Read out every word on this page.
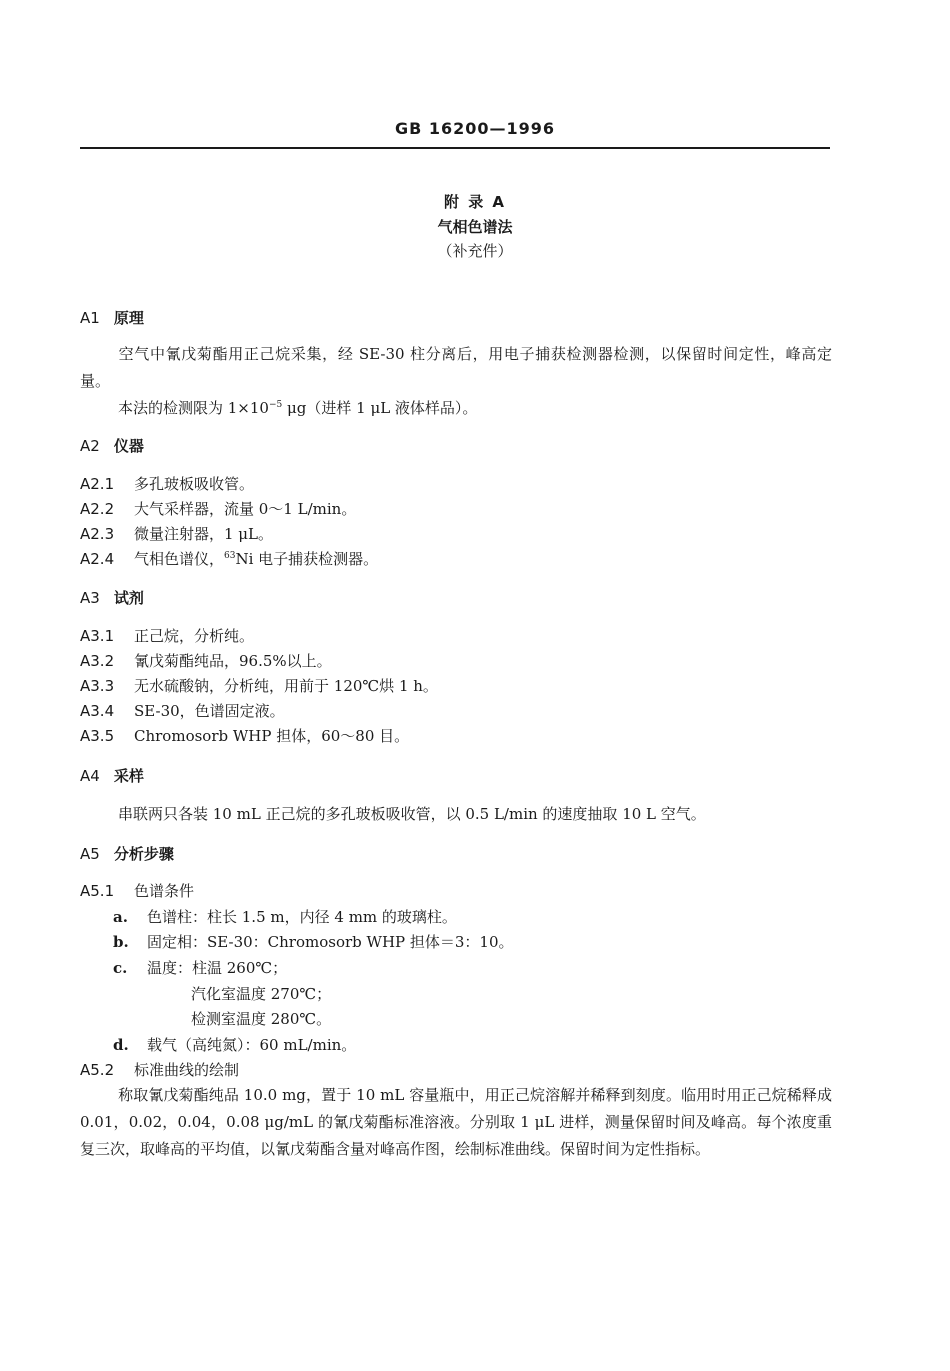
GB 16200—1996
附 录 A
气相色谱法
（补充件）
A1 原理
空气中氰戊菊酯用正己烷采集，经 SE-30 柱分离后，用电子捕获检测器检测，以保留时间定性，峰高定量。
本法的检测限为 $1\times 10^{-5}$ μg（进样 1 μL 液体样品）。
A2 仪器
A2.1 多孔玻板吸收管。
A2.2 大气采样器，流量 0～1 L/min。
A2.3 微量注射器，1 μL。
A2.4 气相色谱仪，$^{63}$Ni 电子捕获检测器。
A3 试剂
A3.1 正己烷，分析纯。
A3.2 氰戊菊酯纯品，96.5%以上。
A3.3 无水硫酸钠，分析纯，用前于 120℃烘 1 h。
A3.4 SE-30，色谱固定液。
A3.5 Chromosorb WHP 担体，60～80 目。
A4 采样
串联两只各装 10 mL 正己烷的多孔玻板吸收管，以 0.5 L/min 的速度抽取 10 L 空气。
A5 分析步骤
A5.1 色谱条件
a. 色谱柱：柱长 1.5 m，内径 4 mm 的玻璃柱。
b. 固定相：SE-30：Chromosorb WHP 担体＝3：10。
c. 温度：柱温 260℃；
汽化室温度 270℃；
检测室温度 280℃。
d. 载气（高纯氮）：60 mL/min。
A5.2 标准曲线的绘制
称取氰戊菊酯纯品 10.0 mg，置于 10 mL 容量瓶中，用正己烷溶解并稀释到刻度。临用时用正己烷稀释成 0.01，0.02，0.04，0.08 μg/mL 的氰戊菊酯标准溶液。分别取 1 μL 进样，测量保留时间及峰高。每个浓度重复三次，取峰高的平均值，以氰戊菊酯含量对峰高作图，绘制标准曲线。保留时间为定性指标。
